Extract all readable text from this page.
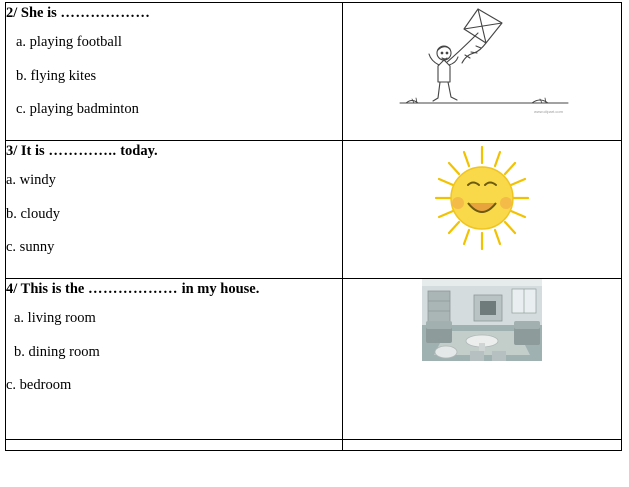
2/ She is ………………
a. playing football
b. flying kites
c. playing badminton	www.clipart.com

3/ It is ………….. today.
a. windy
b. cloudy
c. sunny

4/ This is the ……………… in my house.
a. living room
b. dining room
c. bedroom
